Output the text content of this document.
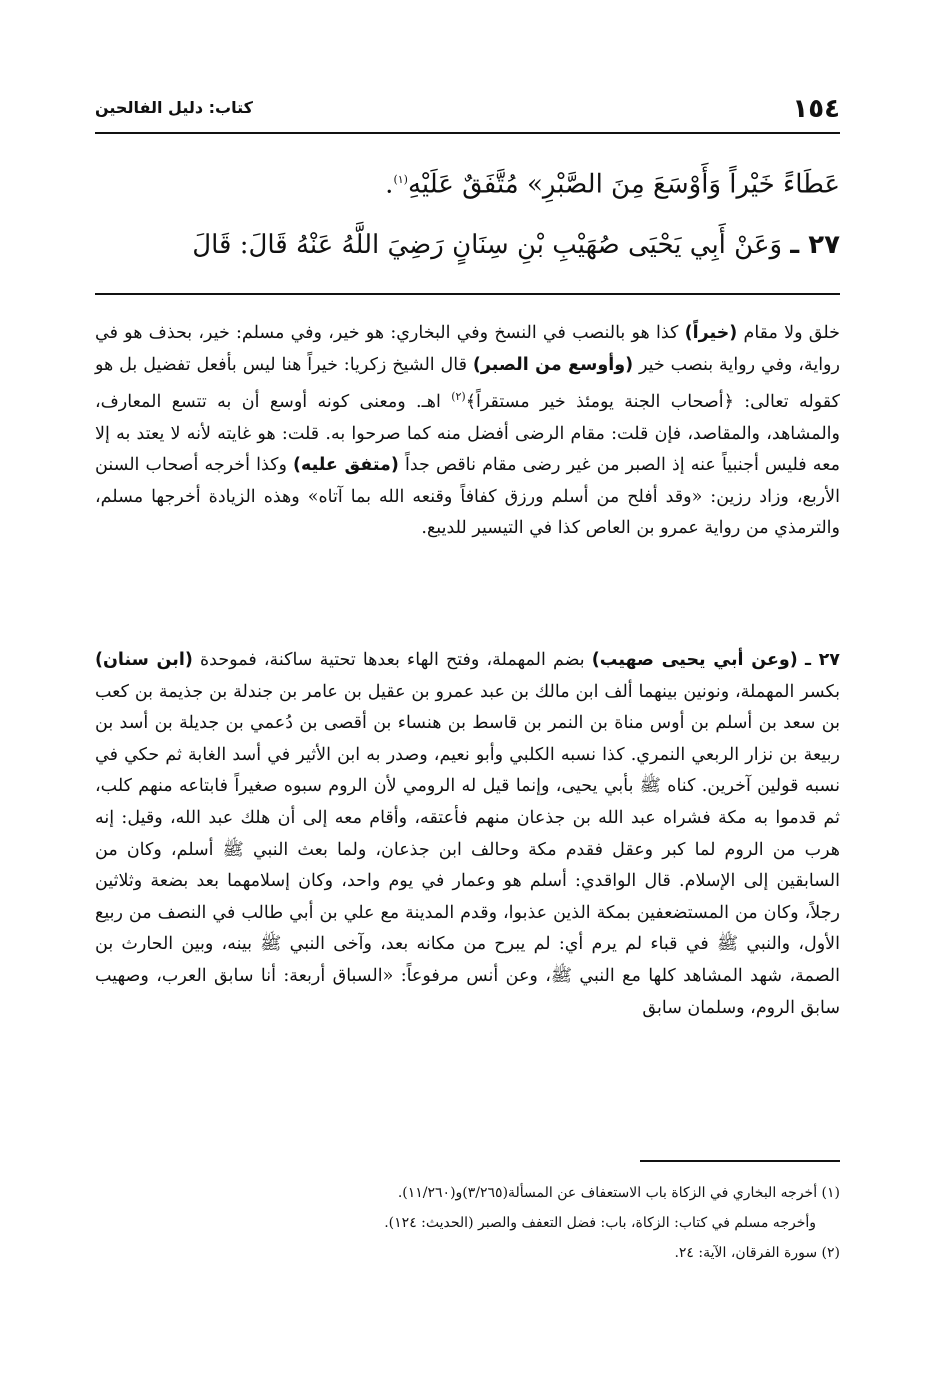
١٥٤
كتاب: دليل الفالحين
عَطَاءً خَيْراً وَأَوْسَعَ مِنَ الصَّبْرِ» مُتَّفَقٌ عَلَيْهِ$^{(١)}$.
٢٧ ـ وَعَنْ أَبِي يَحْيَى صُهَيْبِ بْنِ سِنَانٍ رَضِيَ اللَّهُ عَنْهُ قَالَ: قَالَ

خلق ولا مقام (خيراً) كذا هو بالنصب في النسخ وفي البخاري: هو خير، وفي مسلم: خير، بحذف هو في رواية، وفي رواية بنصب خير (وأوسع من الصبر) قال الشيخ زكريا: خيراً هنا ليس بأفعل تفضيل بل هو كقوله تعالى: ﴿أصحاب الجنة يومئذ خير مستقراً﴾$^{(٢)}$ اهـ. ومعنى كونه أوسع أن به تتسع المعارف، والمشاهد، والمقاصد، فإن قلت: مقام الرضى أفضل منه كما صرحوا به. قلت: هو غايته لأنه لا يعتد به إلا معه فليس أجنبياً عنه إذ الصبر من غير رضى مقام ناقص جداً (متفق عليه) وكذا أخرجه أصحاب السنن الأربع، وزاد رزين: «وقد أفلح من أسلم ورزق كفافاً وقنعه الله بما آتاه» وهذه الزيادة أخرجها مسلم، والترمذي من رواية عمرو بن العاص كذا في التيسير للديبع.

٢٧ ـ (وعن أبي يحيى صهيب) بضم المهملة، وفتح الهاء بعدها تحتية ساكنة، فموحدة (ابن سنان) بكسر المهملة، ونونين بينهما ألف ابن مالك بن عبد عمرو بن عقيل بن عامر بن جندلة بن جذيمة بن كعب بن سعد بن أسلم بن أوس مناة بن النمر بن قاسط بن هنساء بن أقصى بن دُعمي بن جديلة بن أسد بن ربيعة بن نزار الربعي النمري. كذا نسبه الكلبي وأبو نعيم، وصدر به ابن الأثير في أسد الغابة ثم حكي في نسبه قولين آخرين. كناه ﷺ بأبي يحيى، وإنما قيل له الرومي لأن الروم سبوه صغيراً فابتاعه منهم كلب، ثم قدموا به مكة فشراه عبد الله بن جذعان منهم فأعتقه، وأقام معه إلى أن هلك عبد الله، وقيل: إنه هرب من الروم لما كبر وعقل فقدم مكة وحالف ابن جذعان، ولما بعث النبي ﷺ أسلم، وكان من السابقين إلى الإسلام. قال الواقدي: أسلم هو وعمار في يوم واحد، وكان إسلامهما بعد بضعة وثلاثين رجلاً، وكان من المستضعفين بمكة الذين عذبوا، وقدم المدينة مع علي بن أبي طالب في النصف من ربيع الأول، والنبي ﷺ في قباء لم يرم أي: لم يبرح من مكانه بعد، وآخى النبي ﷺ بينه، وبين الحارث بن الصمة، شهد المشاهد كلها مع النبي ﷺ، وعن أنس مرفوعاً: «السباق أربعة: أنا سابق العرب، وصهيب سابق الروم، وسلمان سابق

(١) أخرجه البخاري في الزكاة باب الاستعفاف عن المسألة(٣/٢٦٥)و(١١/٢٦٠).
وأخرجه مسلم في كتاب: الزكاة، باب: فضل التعفف والصبر (الحديث: ١٢٤).
(٢) سورة الفرقان، الآية: ٢٤.
